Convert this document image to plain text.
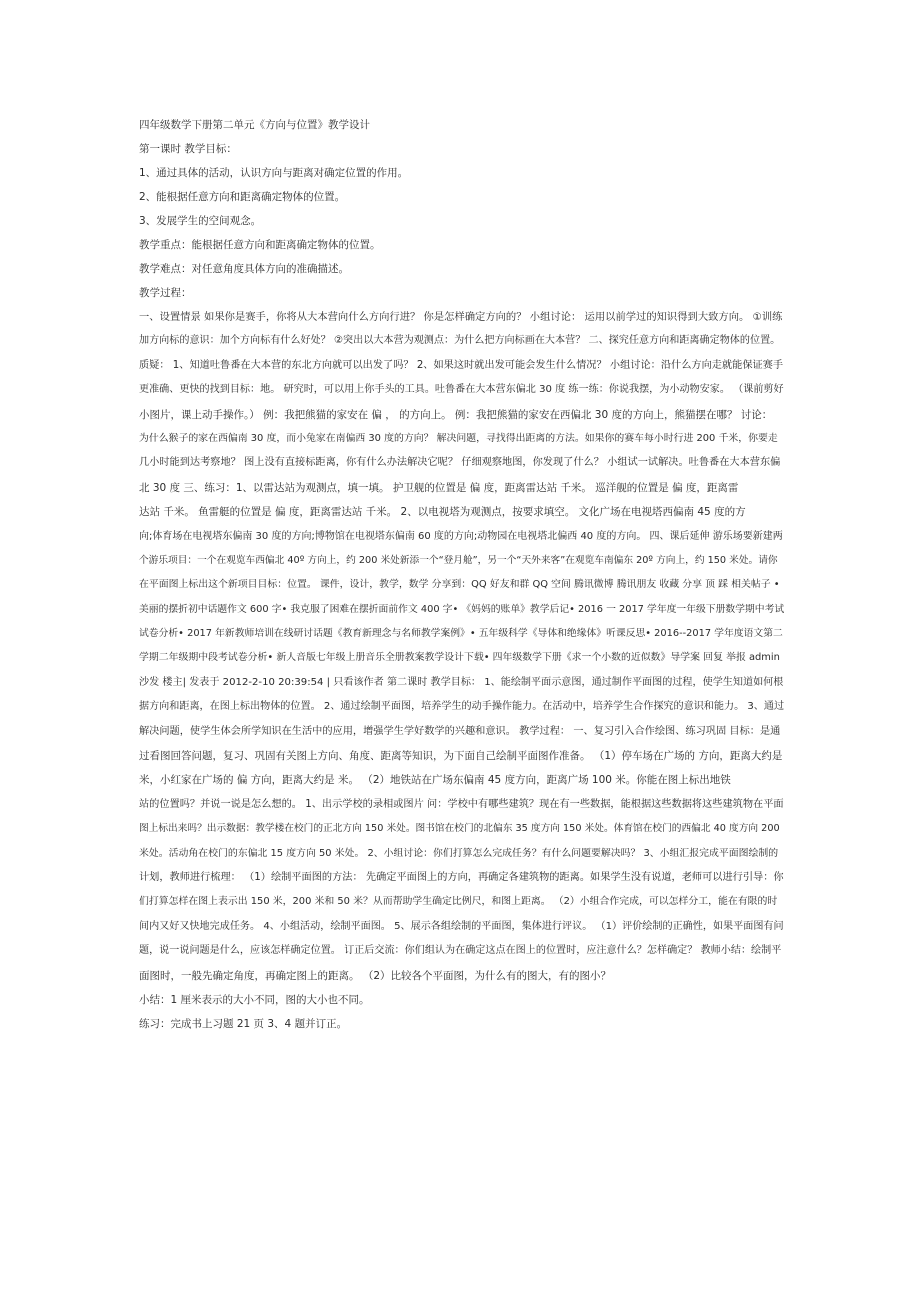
四年级数学下册第二单元《方向与位置》教学设计
第一课时 教学目标：
1、通过具体的活动，认识方向与距离对确定位置的作用。
2、能根据任意方向和距离确定物体的位置。
3、发展学生的空间观念。
教学重点：能根据任意方向和距离确定物体的位置。
教学难点：对任意角度具体方向的准确描述。
教学过程：
一、设置情景 如果你是赛手，你将从大本营向什么方向行进？ 你是怎样确定方向的？ 小组讨论： 运用以前学过的知识得到大致方向。 ①训练
加方向标的意识：加个方向标有什么好处？ ②突出以大本营为观测点：为什么把方向标画在大本营？ 二、探究任意方向和距离确定物体的位置。
质疑： 1、知道吐鲁番在大本营的东北方向就可以出发了吗？ 2、如果这时就出发可能会发生什么情况？ 小组讨论：沿什么方向走就能保证赛手
更准确、更快的找到目标：地。 研究时，可以用上你手头的工具。吐鲁番在大本营东偏北 30 度 练一练：你说我摆，为小动物安家。 （课前剪好
小图片，课上动手操作。） 例：我把熊猫的家安在 偏 ， 的方向上。 例：我把熊猫的家安在西偏北 30 度的方向上，熊猫摆在哪？ 讨论：
为什么猴子的家在西偏南 30 度，而小兔家在南偏西 30 度的方向？ 解决问题，寻找得出距离的方法。如果你的赛车每小时行进 200 千米，你要走
几小时能到达考察地？ 图上没有直接标距离，你有什么办法解决它呢？ 仔细观察地图，你发现了什么？ 小组试一试解决。吐鲁番在大本营东偏
北 30 度 三、练习：1、以雷达站为观测点，填一填。 护卫舰的位置是 偏 度，距离雷达站 千米。 巡洋舰的位置是 偏 度，距离雷
达站 千米。 鱼雷艇的位置是 偏 度，距离雷达站 千米。 2、以电视塔为观测点，按要求填空。 文化广场在电视塔西偏南 45 度的方
向;体育场在电视塔东偏南 30 度的方向;博物馆在电视塔东偏南 60 度的方向;动物园在电视塔北偏西 40 度的方向。 四、课后延伸 游乐场要新建两
个游乐项目：一个在观览车西偏北 40º 方向上，约 200 米处新添一个“登月舱”，另一个“天外来客”在观览车南偏东 20º 方向上，约 150 米处。请你
在平面图上标出这个新项目目标：位置。 课件，设计，教学，数学 分享到：QQ 好友和群 QQ 空间 腾讯微博 腾讯朋友 收藏 分享 顶 踩 相关帖子 •
美丽的摆折初中话题作文 600 字• 我克服了困难在摆折面前作文 400 字• 《妈妈的账单》教学后记• 2016 一 2017 学年度一年级下册数学期中考试
试卷分析• 2017 年新教师培训在线研讨话题《教育新理念与名师教学案例》• 五年级科学《导体和绝缘体》听课反思• 2016--2017 学年度语文第二
学期二年级期中段考试卷分析• 新人音版七年级上册音乐全册教案教学设计下载• 四年级数学下册《求一个小数的近似数》导学案 回复 举报 admin
沙发 楼主| 发表于 2012-2-10 20:39:54 | 只看该作者 第二课时 教学目标： 1、能绘制平面示意图，通过制作平面图的过程，使学生知道如何根
据方向和距离，在图上标出物体的位置。 2、通过绘制平面图，培养学生的动手操作能力。在活动中，培养学生合作探究的意识和能力。 3、通过
解决问题，使学生体会所学知识在生活中的应用，增强学生学好数学的兴趣和意识。 教学过程： 一、复习引入合作绘图、练习巩固 目标：是通
过看图回答问题，复习、巩固有关图上方向、角度、距离等知识，为下面自己绘制平面图作准备。 （1）停车场在广场的 方向，距离大约是
米，小红家在广场的 偏 方向，距离大约是 米。 （2）地铁站在广场东偏南 45 度方向，距离广场 100 米。你能在图上标出地铁
站的位置吗？并说一说是怎么想的。 1、出示学校的录相或图片 问：学校中有哪些建筑？现在有一些数据，能根据这些数据将这些建筑物在平面
图上标出来吗？出示数据：教学楼在校门的正北方向 150 米处。图书馆在校门的北偏东 35 度方向 150 米处。体育馆在校门的西偏北 40 度方向 200
米处。活动角在校门的东偏北 15 度方向 50 米处。 2、小组讨论：你们打算怎么完成任务？有什么问题要解决吗？ 3、小组汇报完成平面图绘制的
计划，教师进行梳理： （1）绘制平面图的方法： 先确定平面图上的方向，再确定各建筑物的距离。如果学生没有说道，老师可以进行引导：你
们打算怎样在图上表示出 150 米，200 米和 50 米？从而帮助学生确定比例尺，和图上距离。 （2）小组合作完成，可以怎样分工，能在有限的时
间内又好又快地完成任务。 4、小组活动，绘制平面图。 5、展示各组绘制的平面图，集体进行评议。 （1）评价绘制的正确性，如果平面图有问
题，说一说问题是什么，应该怎样确定位置。 订正后交流：你们组认为在确定这点在图上的位置时，应注意什么？怎样确定？ 教师小结：绘制平
面图时，一般先确定角度，再确定图上的距离。 （2）比较各个平面图，为什么有的图大，有的图小？
小结：1 厘米表示的大小不同，图的大小也不同。
练习：完成书上习题 21 页 3、4 题并订正。
